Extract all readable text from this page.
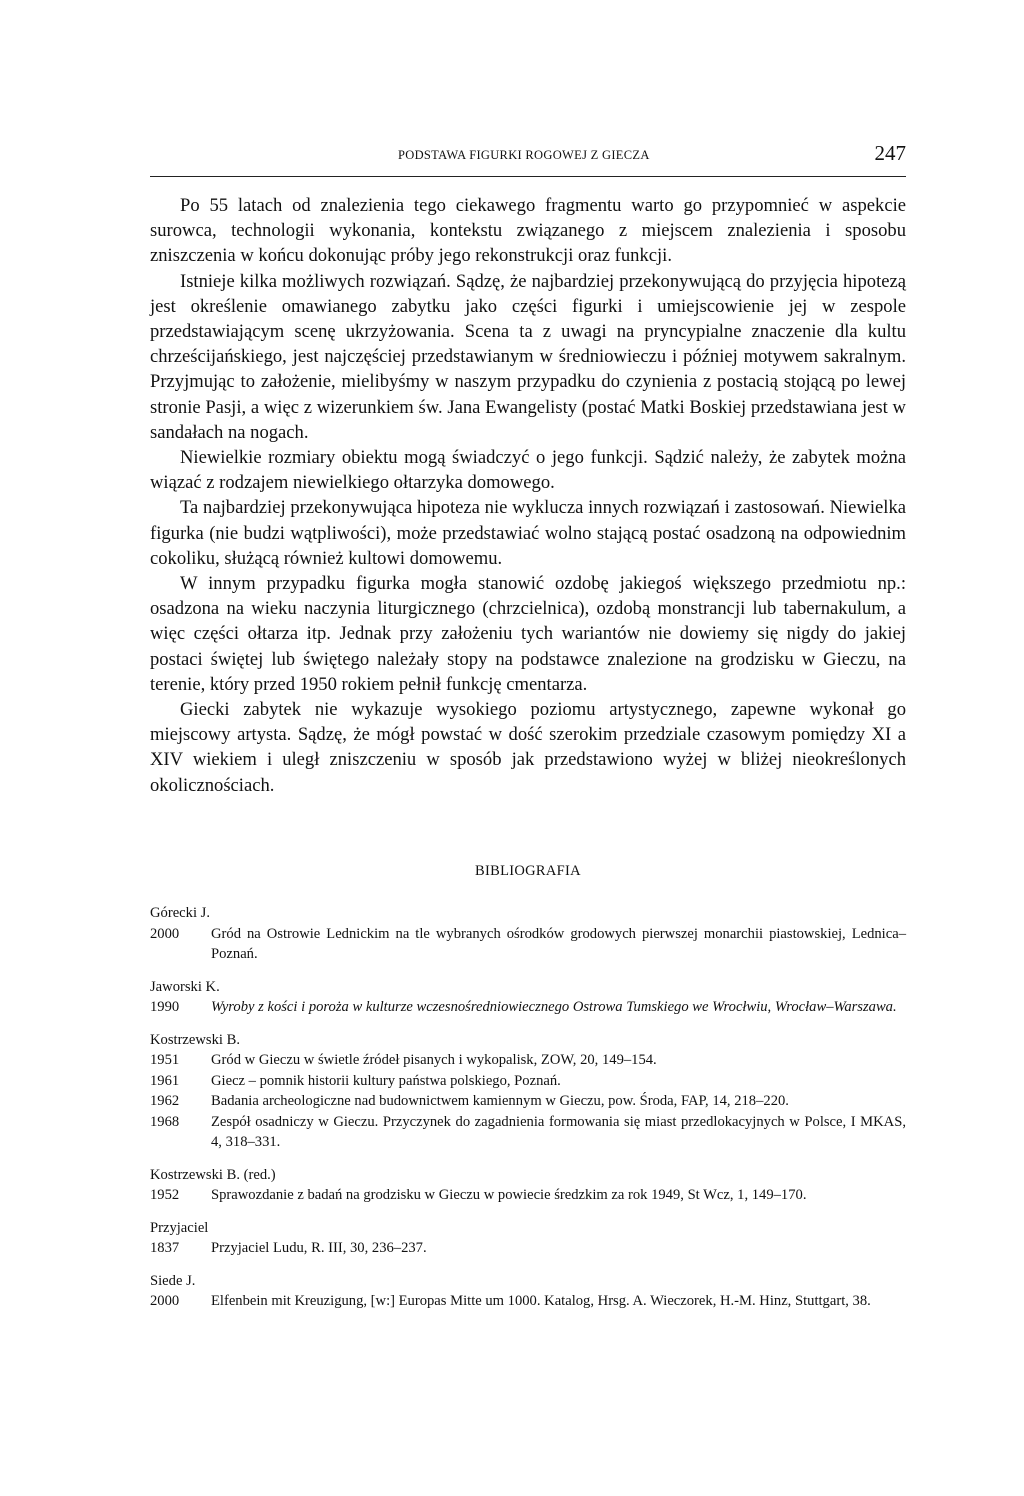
PODSTAWA FIGURKI ROGOWEJ Z GIECZA	247

Po 55 latach od znalezienia tego ciekawego fragmentu warto go przypomnieć w aspekcie surowca, technologii wykonania, kontekstu związanego z miejscem znalezienia i sposobu zniszczenia w końcu dokonując próby jego rekonstrukcji oraz funkcji.

Istnieje kilka możliwych rozwiązań. Sądzę, że najbardziej przekonywującą do przyjęcia hipotezą jest określenie omawianego zabytku jako części figurki i umiejscowienie jej w zespole przedstawiającym scenę ukrzyżowania. Scena ta z uwagi na pryncypialne znaczenie dla kultu chrześcijańskiego, jest najczęściej przedstawianym w średniowieczu i później motywem sakralnym. Przyjmując to założenie, mielibyśmy w naszym przypadku do czynienia z postacią stojącą po lewej stronie Pasji, a więc z wizerunkiem św. Jana Ewangelisty (postać Matki Boskiej przedstawiana jest w sandałach na nogach.

Niewielkie rozmiary obiektu mogą świadczyć o jego funkcji. Sądzić należy, że zabytek można wiązać z rodzajem niewielkiego ołtarzyka domowego.

Ta najbardziej przekonywująca hipoteza nie wyklucza innych rozwiązań i zastosowań. Niewielka figurka (nie budzi wątpliwości), może przedstawiać wolno stającą postać osadzoną na odpowiednim cokoliku, służącą również kultowi domowemu.

W innym przypadku figurka mogła stanowić ozdobę jakiegoś większego przedmiotu np.: osadzona na wieku naczynia liturgicznego (chrzcielnica), ozdobą monstrancji lub tabernakulum, a więc części ołtarza itp. Jednak przy założeniu tych wariantów nie dowiemy się nigdy do jakiej postaci świętej lub świętego należały stopy na podstawce znalezione na grodzisku w Gieczu, na terenie, który przed 1950 rokiem pełnił funkcję cmentarza.

Giecki zabytek nie wykazuje wysokiego poziomu artystycznego, zapewne wykonał go miejscowy artysta. Sądzę, że mógł powstać w dość szerokim przedziale czasowym pomiędzy XI a XIV wiekiem i uległ zniszczeniu w sposób jak przedstawiono wyżej w bliżej nieokreślonych okolicznościach.

BIBLIOGRAFIA
Górecki J.
2000	Gród na Ostrowie Lednickim na tle wybranych ośrodków grodowych pierwszej monarchii piastowskiej, Lednica–Poznań.
Jaworski K.
1990	Wyroby z kości i poroża w kulturze wczesnośredniowiecznego Ostrowa Tumskiego we Wrocłwiu, Wrocław–Warszawa.
Kostrzewski B.
1951	Gród w Gieczu w świetle źródeł pisanych i wykopalisk, ZOW, 20, 149–154.
1961	Giecz – pomnik historii kultury państwa polskiego, Poznań.
1962	Badania archeologiczne nad budownictwem kamiennym w Gieczu, pow. Środa, FAP, 14, 218–220.
1968	Zespół osadniczy w Gieczu. Przyczynek do zagadnienia formowania się miast przedlokacyjnych w Polsce, I MKAS, 4, 318–331.
Kostrzewski B. (red.)
1952	Sprawozdanie z badań na grodzisku w Gieczu w powiecie średzkim za rok 1949, St Wcz, 1, 149–170.
Przyjaciel
1837	Przyjaciel Ludu, R. III, 30, 236–237.
Siede J.
2000	Elfenbein mit Kreuzigung, [w:] Europas Mitte um 1000. Katalog, Hrsg. A. Wieczorek, H.-M. Hinz, Stuttgart, 38.
